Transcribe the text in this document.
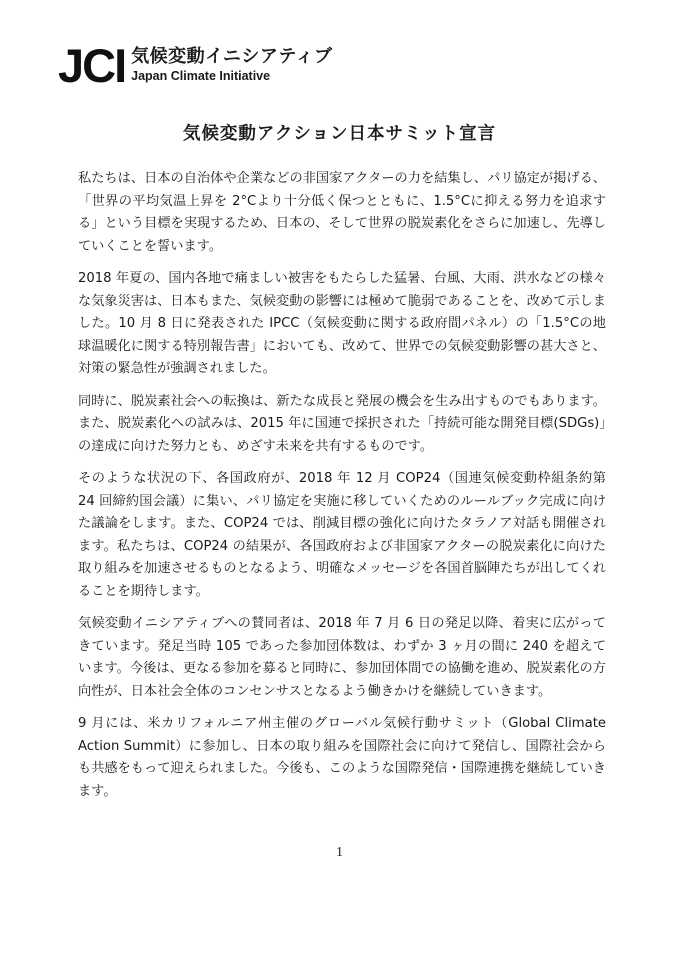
JCI 気候変動イニシアティブ
Japan Climate Initiative
気候変動アクション日本サミット宣言

私たちは、日本の自治体や企業などの非国家アクターの力を結集し、パリ協定が掲げる、「世界の平均気温上昇を 2°Cより十分低く保つとともに、1.5°Cに抑える努力を追求する」という目標を実現するため、日本の、そして世界の脱炭素化をさらに加速し、先導していくことを誓います。

2018 年夏の、国内各地で痛ましい被害をもたらした猛暑、台風、大雨、洪水などの様々な気象災害は、日本もまた、気候変動の影響には極めて脆弱であることを、改めて示しました。10 月 8 日に発表された IPCC（気候変動に関する政府間パネル）の「1.5°Cの地球温暖化に関する特別報告書」においても、改めて、世界での気候変動影響の甚大さと、対策の緊急性が強調されました。

同時に、脱炭素社会への転換は、新たな成長と発展の機会を生み出すものでもあります。また、脱炭素化への試みは、2015 年に国連で採択された「持続可能な開発目標(SDGs)」の達成に向けた努力とも、めざす未来を共有するものです。

そのような状況の下、各国政府が、2018 年 12 月 COP24（国連気候変動枠組条約第 24 回締約国会議）に集い、パリ協定を実施に移していくためのルールブック完成に向けた議論をします。また、COP24 では、削減目標の強化に向けたタラノア対話も開催されます。私たちは、COP24 の結果が、各国政府および非国家アクターの脱炭素化に向けた取り組みを加速させるものとなるよう、明確なメッセージを各国首脳陣たちが出してくれることを期待します。

気候変動イニシアティブへの賛同者は、2018 年 7 月 6 日の発足以降、着実に広がってきています。発足当時 105 であった参加団体数は、わずか 3 ヶ月の間に 240 を超えています。今後は、更なる参加を募ると同時に、参加団体間での協働を進め、脱炭素化の方向性が、日本社会全体のコンセンサスとなるよう働きかけを継続していきます。

9 月には、米カリフォルニア州主催のグローバル気候行動サミット（Global Climate Action Summit）に参加し、日本の取り組みを国際社会に向けて発信し、国際社会からも共感をもって迎えられました。今後も、このような国際発信・国際連携を継続していきます。

1
